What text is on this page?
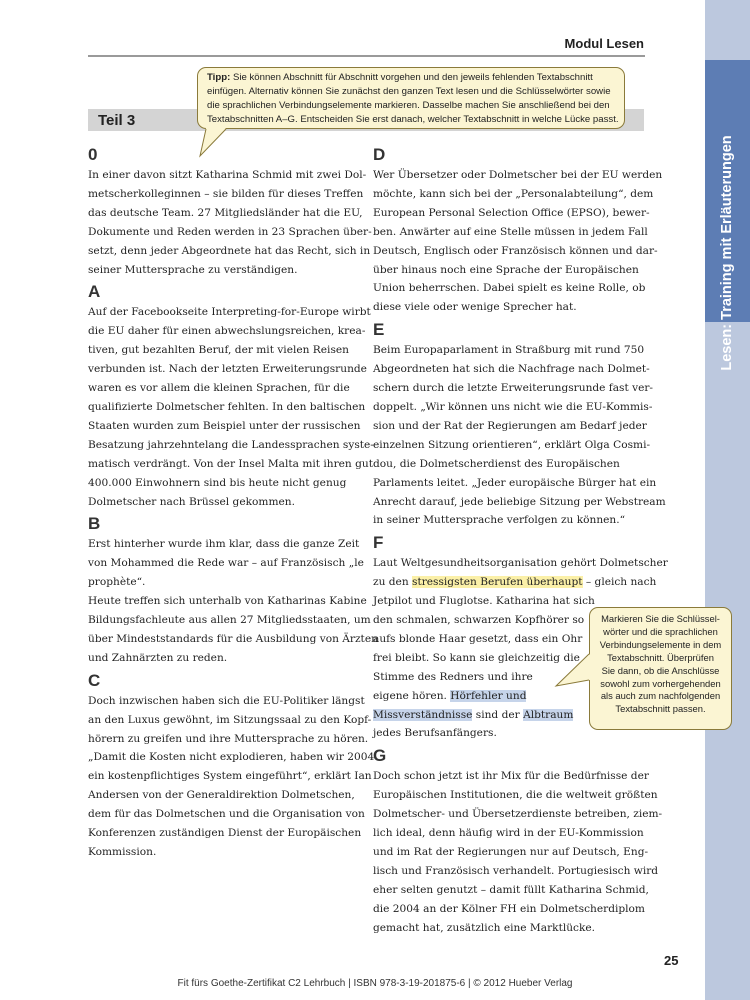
Lesen: Training mit Erläuterungen
Modul Lesen
Teil 3
Tipp: Sie können Abschnitt für Abschnitt vorgehen und den jeweils fehlenden Textabschnitt
einfügen. Alternativ können Sie zunächst den ganzen Text lesen und die Schlüsselwörter sowie
die sprachlichen Verbindungselemente markieren. Dasselbe machen Sie anschließend bei den
Textabschnitten A–G. Entscheiden Sie erst danach, welcher Textabschnitt in welche Lücke passt.
0
In einer davon sitzt Katharina Schmid mit zwei Dol-
metscherkolleginnen – sie bilden für dieses Treffen
das deutsche Team. 27 Mitgliedsländer hat die EU,
Dokumente und Reden werden in 23 Sprachen über-
setzt, denn jeder Abgeordnete hat das Recht, sich in
seiner Muttersprache zu verständigen.
A
Auf der Facebookseite Interpreting-for-Europe wirbt
die EU daher für einen abwechslungsreichen, krea-
tiven, gut bezahlten Beruf, der mit vielen Reisen
verbunden ist. Nach der letzten Erweiterungsrunde
waren es vor allem die kleinen Sprachen, für die
qualifizierte Dolmetscher fehlten. In den baltischen
Staaten wurden zum Beispiel unter der russischen
Besatzung jahrzehntelang die Landessprachen syste-
matisch verdrängt. Von der Insel Malta mit ihren gut
400.000 Einwohnern sind bis heute nicht genug
Dolmetscher nach Brüssel gekommen.
B
Erst hinterher wurde ihm klar, dass die ganze Zeit
von Mohammed die Rede war – auf Französisch „le
prophète“.
Heute treffen sich unterhalb von Katharinas Kabine
Bildungsfachleute aus allen 27 Mitgliedsstaaten, um
über Mindeststandards für die Ausbildung von Ärzten
und Zahnärzten zu reden.
C
Doch inzwischen haben sich die EU-Politiker längst
an den Luxus gewöhnt, im Sitzungssaal zu den Kopf-
hörern zu greifen und ihre Muttersprache zu hören.
„Damit die Kosten nicht explodieren, haben wir 2004
ein kostenpflichtiges System eingeführt“, erklärt Ian
Andersen von der Generaldirektion Dolmetschen,
dem für das Dolmetschen und die Organisation von
Konferenzen zuständigen Dienst der Europäischen
Kommission.
D
Wer Übersetzer oder Dolmetscher bei der EU werden
möchte, kann sich bei der „Personalabteilung“, dem
European Personal Selection Office (EPSO), bewer-
ben. Anwärter auf eine Stelle müssen in jedem Fall
Deutsch, Englisch oder Französisch können und dar-
über hinaus noch eine Sprache der Europäischen
Union beherrschen. Dabei spielt es keine Rolle, ob
diese viele oder wenige Sprecher hat.
E
Beim Europaparlament in Straßburg mit rund 750
Abgeordneten hat sich die Nachfrage nach Dolmet-
schern durch die letzte Erweiterungsrunde fast ver-
doppelt. „Wir können uns nicht wie die EU-Kommis-
sion und der Rat der Regierungen am Bedarf jeder
einzelnen Sitzung orientieren“, erklärt Olga Cosmi-
dou, die Dolmetscherdienst des Europäischen
Parlaments leitet. „Jeder europäische Bürger hat ein
Anrecht darauf, jede beliebige Sitzung per Webstream
in seiner Muttersprache verfolgen zu können.“
F
Laut Weltgesundheitsorganisation gehört Dolmetscher
zu den stressigsten Berufen überhaupt – gleich nach
Jetpilot und Fluglotse. Katharina hat sich
den schmalen, schwarzen Kopfhörer so
aufs blonde Haar gesetzt, dass ein Ohr
frei bleibt. So kann sie gleichzeitig die
Stimme des Redners und ihre
eigene hören. Hörfehler und
Missverständnisse sind der Albtraum
jedes Berufsanfängers.
G
Doch schon jetzt ist ihr Mix für die Bedürfnisse der
Europäischen Institutionen, die die weltweit größten
Dolmetscher- und Übersetzerdienste betreiben, ziem-
lich ideal, denn häufig wird in der EU-Kommission
und im Rat der Regierungen nur auf Deutsch, Eng-
lisch und Französisch verhandelt. Portugiesisch wird
eher selten genutzt – damit füllt Katharina Schmid,
die 2004 an der Kölner FH ein Dolmetscherdiplom
gemacht hat, zusätzlich eine Marktlücke.
Markieren Sie die Schlüssel-
wörter und die sprachlichen
Verbindungselemente in dem
Textabschnitt. Überprüfen
Sie dann, ob die Anschlüsse
sowohl zum vorhergehenden
als auch zum nachfolgenden
Textabschnitt passen.
25
Fit fürs Goethe-Zertifikat C2 Lehrbuch | ISBN 978-3-19-201875-6 | © 2012 Hueber Verlag
